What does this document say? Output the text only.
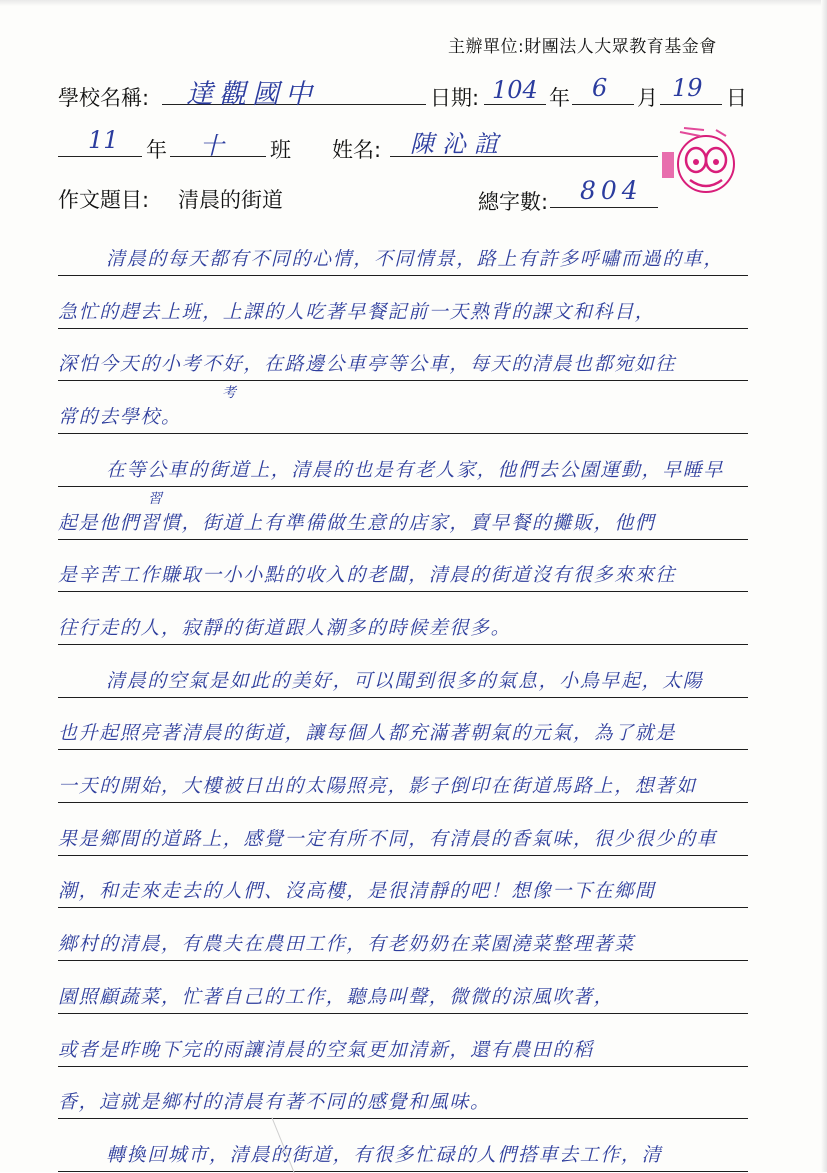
主辦單位:財團法人大眾教育基金會
學校名稱: 達觀國中	日期: 104 年 6 月 19 日
11 年 十 班 姓名: 陳沁誼
作文題目: 清晨的街道	總字數: 804
清晨的每天都有不同的心情，不同情景，路上有許多呼嘯而過的車，
急忙的趕去上班，上課的人吃著早餐記前一天熟背的課文和科目，
深怕今天的小考不好，在路邊公車亭等公車，每天的清晨也都宛如往
常的去學校。
在等公車的街道上，清晨的也是有老人家，他們去公園運動，早睡早
起是他們習慣，街道上有準備做生意的店家，賣早餐的攤販，他們
是辛苦工作賺取一小小點的收入的老闆，清晨的街道沒有很多來來往
往行走的人，寂靜的街道跟人潮多的時候差很多。
清晨的空氣是如此的美好，可以聞到很多的氣息，小鳥早起，太陽
也升起照亮著清晨的街道，讓每個人都充滿著朝氣的元氣，為了就是
一天的開始，大樓被日出的太陽照亮，影子倒印在街道馬路上，想著如
果是鄉間的道路上，感覺一定有所不同，有清晨的香氣味，很少很少的車
潮，和走來走去的人們、沒高樓，是很清靜的吧！想像一下在鄉間
鄉村的清晨，有農夫在農田工作，有老奶奶在菜園澆菜整理著菜
園照顧蔬菜，忙著自己的工作，聽鳥叫聲，微微的涼風吹著，
或者是昨晚下完的雨讓清晨的空氣更加清新，還有農田的稻
香，這就是鄉村的清晨有著不同的感覺和風味。
轉換回城市，清晨的街道，有很多忙碌的人們搭車去工作，清
考
習
